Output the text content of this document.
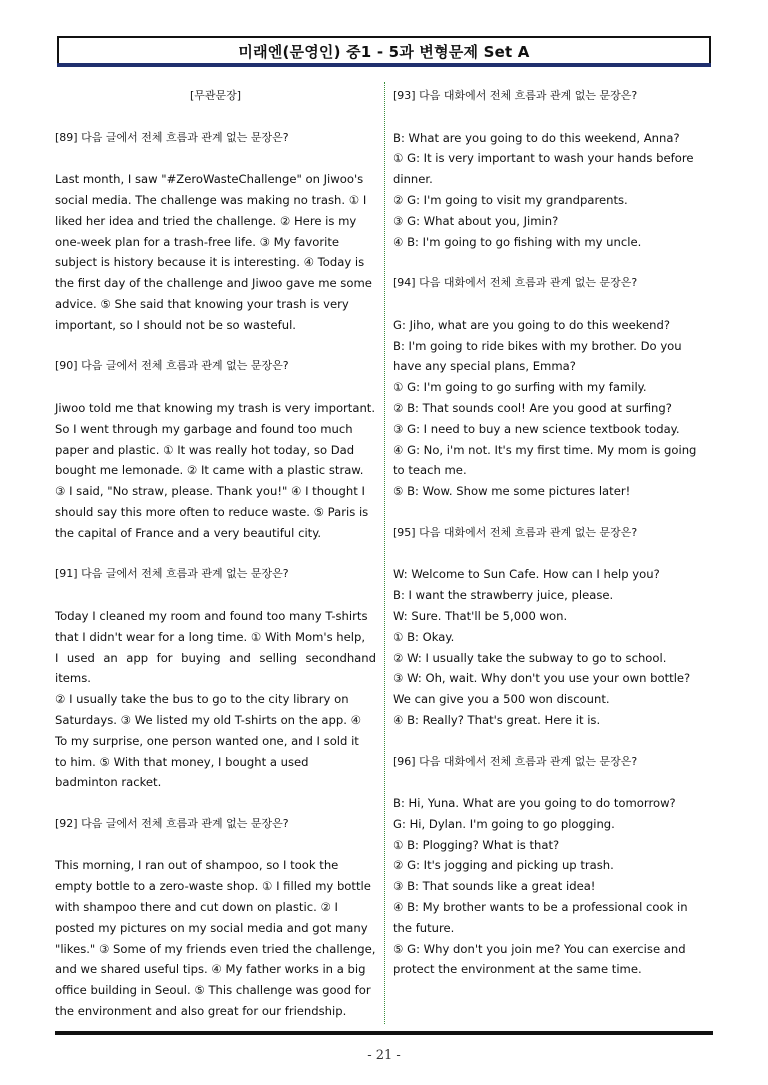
미래엔(문영인) 중1 - 5과 변형문제 Set A

[무관문장]

[89] 다음 글에서 전체 흐름과 관계 없는 문장은?

Last month, I saw "#ZeroWasteChallenge" on Jiwoo's

social media. The challenge was making no trash. ① I

liked her idea and tried the challenge. ② Here is my

one-week plan for a trash-free life. ③ My favorite

subject is history because it is interesting. ④ Today is

the first day of the challenge and Jiwoo gave me some

advice. ⑤ She said that knowing your trash is very

important, so I should not be so wasteful.

[90] 다음 글에서 전체 흐름과 관계 없는 문장은?

Jiwoo told me that knowing my trash is very important.

So I went through my garbage and found too much

paper and plastic. ① It was really hot today, so Dad

bought me lemonade. ② It came with a plastic straw.

③ I said, "No straw, please. Thank you!" ④ I thought I

should say this more often to reduce waste. ⑤ Paris is

the capital of France and a very beautiful city.

[91] 다음 글에서 전체 흐름과 관계 없는 문장은?

Today I cleaned my room and found too many T-shirts

that I didn't wear for a long time. ① With Mom's help,

I used an app for buying and selling secondhand items.

② I usually take the bus to go to the city library on

Saturdays. ③ We listed my old T-shirts on the app. ④

To my surprise, one person wanted one, and I sold it

to him. ⑤ With that money, I bought a used

badminton racket.

[92] 다음 글에서 전체 흐름과 관계 없는 문장은?

This morning, I ran out of shampoo, so I took the

empty bottle to a zero-waste shop. ① I filled my bottle

with shampoo there and cut down on plastic. ② I

posted my pictures on my social media and got many

"likes." ③ Some of my friends even tried the challenge,

and we shared useful tips. ④ My father works in a big

office building in Seoul. ⑤ This challenge was good for

the environment and also great for our friendship.

[93] 다음 대화에서 전체 흐름과 관계 없는 문장은?

B: What are you going to do this weekend, Anna?

① G: It is very important to wash your hands before

dinner.

② G: I'm going to visit my grandparents.

③ G: What about you, Jimin?

④ B: I'm going to go fishing with my uncle.

[94] 다음 대화에서 전체 흐름과 관계 없는 문장은?

G: Jiho, what are you going to do this weekend?

B: I'm going to ride bikes with my brother. Do you

have any special plans, Emma?

① G: I'm going to go surfing with my family.

② B: That sounds cool! Are you good at surfing?

③ G: I need to buy a new science textbook today.

④ G: No, i'm not. It's my first time. My mom is going

to teach me.

⑤ B: Wow. Show me some pictures later!

[95] 다음 대화에서 전체 흐름과 관계 없는 문장은?

W: Welcome to Sun Cafe. How can I help you?

B: I want the strawberry juice, please.

W: Sure. That'll be 5,000 won.

① B: Okay.

② W: I usually take the subway to go to school.

③ W: Oh, wait. Why don't you use your own bottle?

We can give you a 500 won discount.

④ B: Really? That's great. Here it is.

[96] 다음 대화에서 전체 흐름과 관계 없는 문장은?

B: Hi, Yuna. What are you going to do tomorrow?

G: Hi, Dylan. I'm going to go plogging.

① B: Plogging? What is that?

② G: It's jogging and picking up trash.

③ B: That sounds like a great idea!

④ B: My brother wants to be a professional cook in

the future.

⑤ G: Why don't you join me? You can exercise and

protect the environment at the same time.

- 21 -
